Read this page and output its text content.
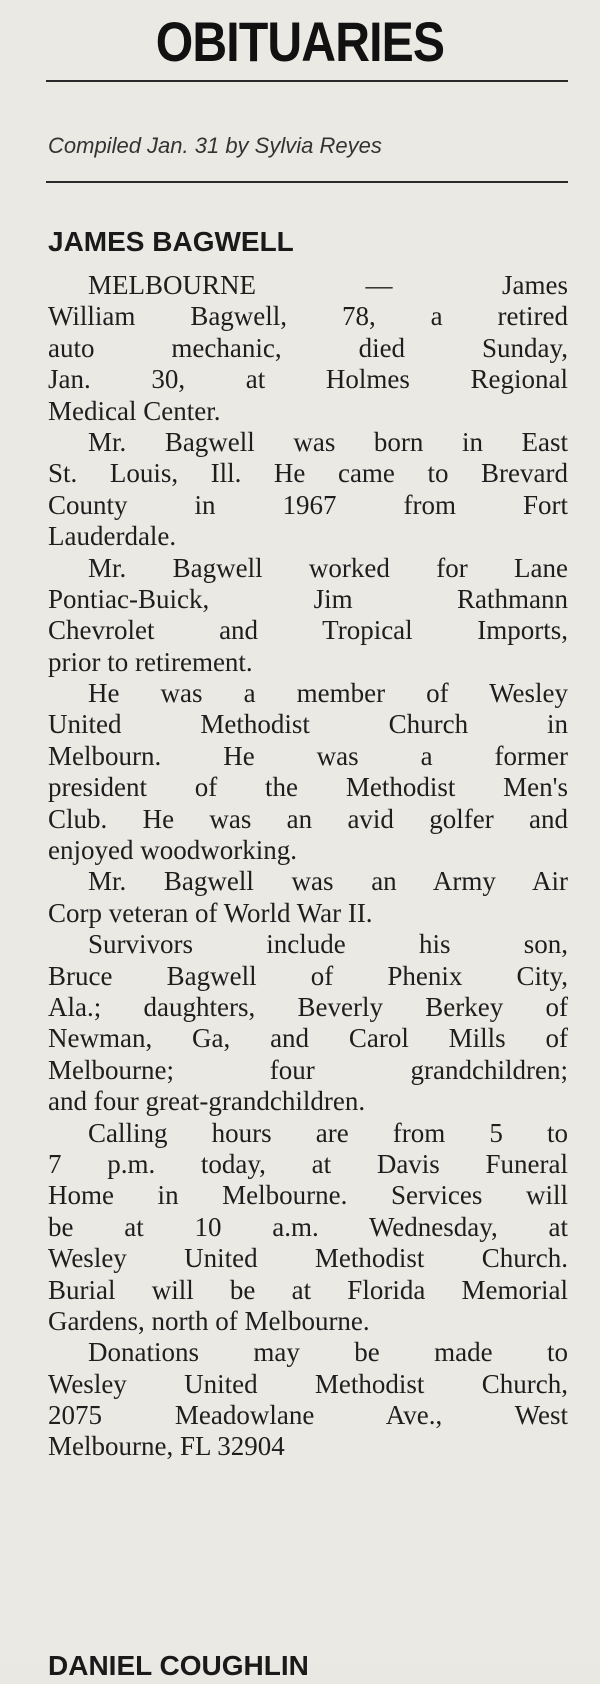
OBITUARIES
Compiled Jan. 31 by Sylvia Reyes
JAMES BAGWELL
MELBOURNE — James
William Bagwell, 78, a retired
auto mechanic, died Sunday,
Jan. 30, at Holmes Regional
Medical Center.
Mr. Bagwell was born in East
St. Louis, Ill. He came to Brevard
County in 1967 from Fort
Lauderdale.
Mr. Bagwell worked for Lane
Pontiac-Buick, Jim Rathmann
Chevrolet and Tropical Imports,
prior to retirement.
He was a member of Wesley
United Methodist Church in
Melbourn. He was a former
president of the Methodist Men's
Club. He was an avid golfer and
enjoyed woodworking.
Mr. Bagwell was an Army Air
Corp veteran of World War II.
Survivors include his son,
Bruce Bagwell of Phenix City,
Ala.; daughters, Beverly Berkey of
Newman, Ga, and Carol Mills of
Melbourne; four grandchildren;
and four great-grandchildren.
Calling hours are from 5 to
7 p.m. today, at Davis Funeral
Home in Melbourne. Services will
be at 10 a.m. Wednesday, at
Wesley United Methodist Church.
Burial will be at Florida Memorial
Gardens, north of Melbourne.
Donations may be made to
Wesley United Methodist Church,
2075 Meadowlane Ave., West
Melbourne, FL 32904
DANIEL COUGHLIN
